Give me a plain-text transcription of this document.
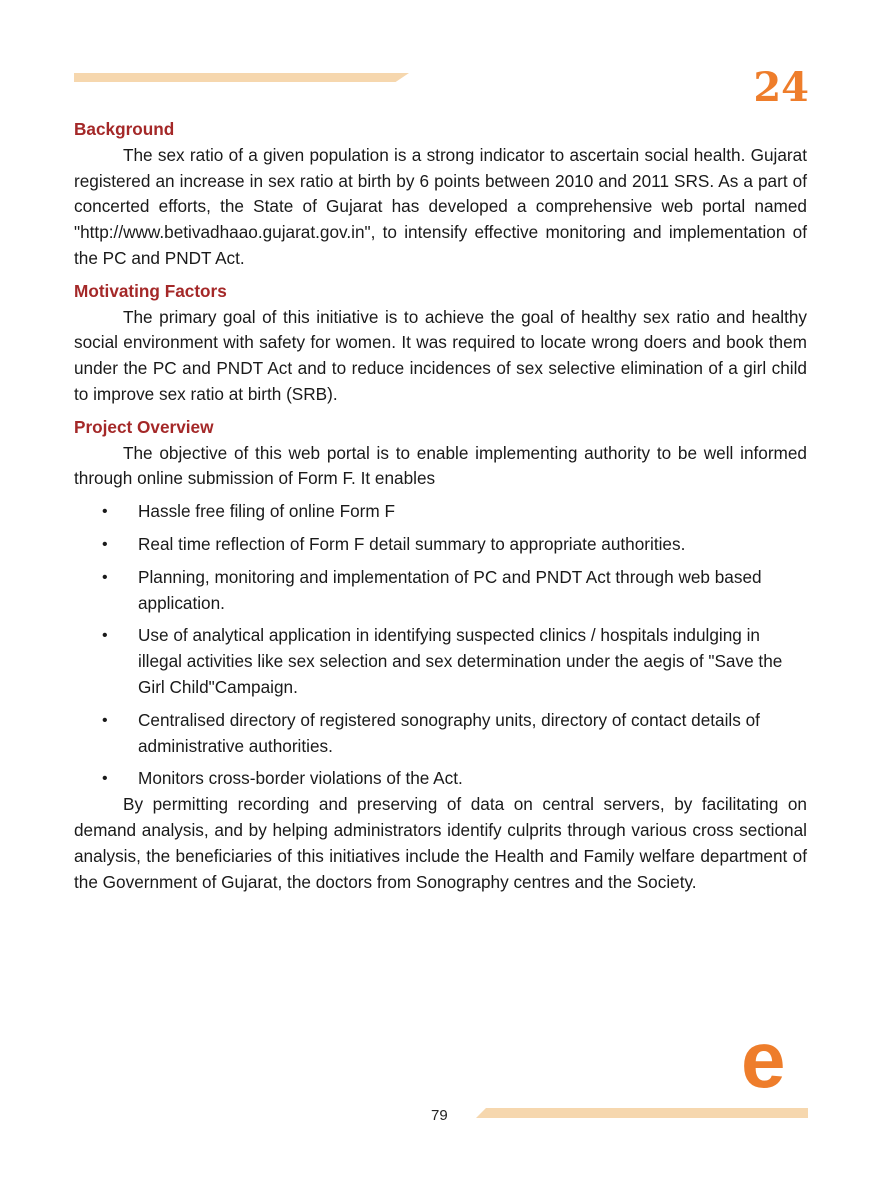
24
Background

The sex ratio of a given population is a strong indicator to ascertain social health. Gujarat registered an increase in sex ratio at birth by 6 points between 2010 and 2011 SRS. As a part of concerted efforts, the State of Gujarat has developed a comprehensive web portal named "http://www.betivadhaao.gujarat.gov.in", to intensify effective monitoring and implementation of the PC and PNDT Act.

Motivating Factors

The primary goal of this initiative is to achieve the goal of healthy sex ratio and healthy social environment with safety for women. It was required to locate wrong doers and book them under the PC and PNDT Act and to reduce incidences of sex selective elimination of a girl child to improve sex ratio at birth (SRB).

Project Overview

The objective of this web portal is to enable implementing authority to be well informed through online submission of Form F. It enables

• Hassle free filing of online Form F
• Real time reflection of Form F detail summary to appropriate authorities.
• Planning, monitoring and implementation of PC and PNDT Act through web based application.
• Use of analytical application in identifying suspected clinics / hospitals indulging in illegal activities like sex selection and sex determination under the aegis of "Save the Girl Child"Campaign.
• Centralised directory of registered sonography units, directory of contact details of administrative authorities.
• Monitors cross-border violations of the Act.

By permitting recording and preserving of data on central servers, by facilitating on demand analysis, and by helping administrators identify culprits through various cross sectional analysis, the beneficiaries of this initiatives include the Health and Family welfare department of the Government of Gujarat, the doctors from Sonography centres and the Society.

e
79
